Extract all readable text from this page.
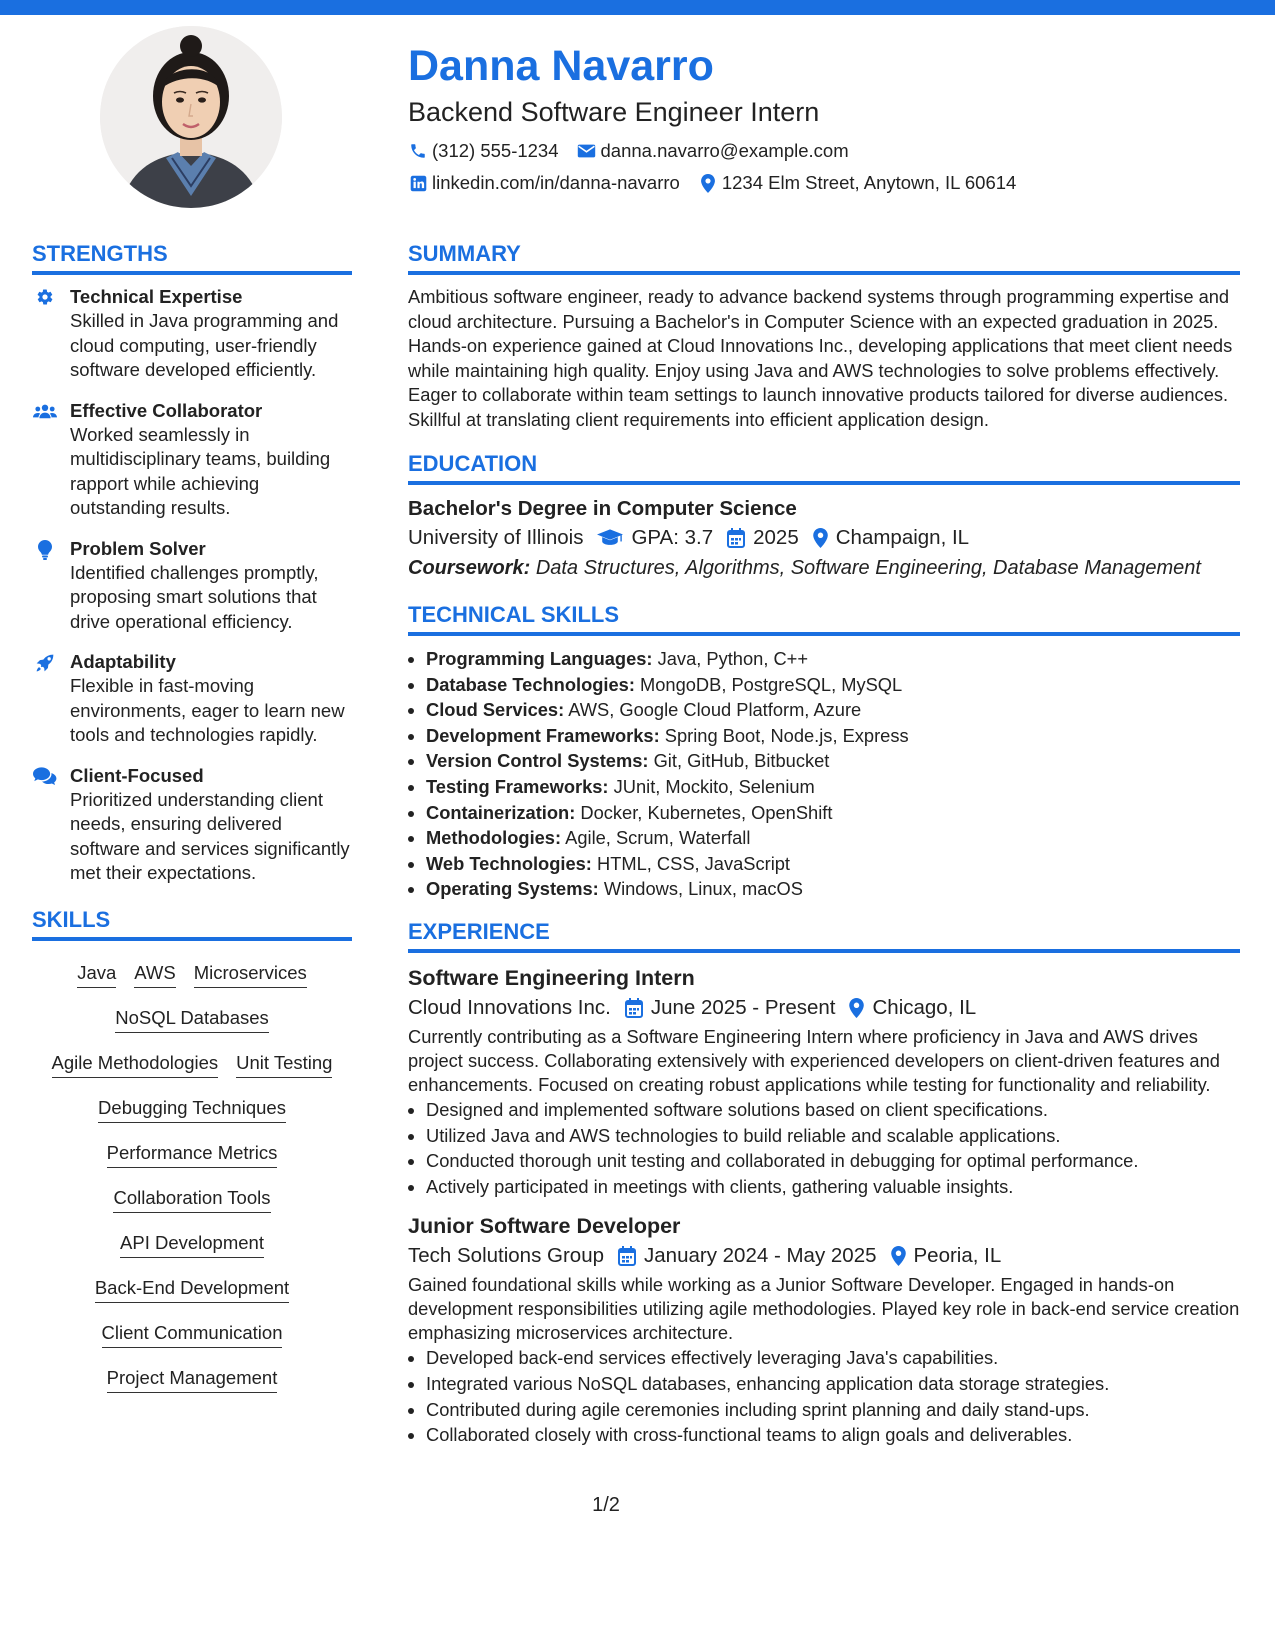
Danna Navarro
Backend Software Engineer Intern
(312) 555-1234 danna.navarro@example.com
linkedin.com/in/danna-navarro 1234 Elm Street, Anytown, IL 60614
STRENGTHS
Technical Expertise
Skilled in Java programming and cloud computing, user-friendly software developed efficiently.
Effective Collaborator
Worked seamlessly in multidisciplinary teams, building rapport while achieving outstanding results.
Problem Solver
Identified challenges promptly, proposing smart solutions that drive operational efficiency.
Adaptability
Flexible in fast-moving environments, eager to learn new tools and technologies rapidly.
Client-Focused
Prioritized understanding client needs, ensuring delivered software and services significantly met their expectations.
SKILLS
Java AWS Microservices
NoSQL Databases
Agile Methodologies Unit Testing
Debugging Techniques
Performance Metrics
Collaboration Tools
API Development
Back-End Development
Client Communication
Project Management
SUMMARY
Ambitious software engineer, ready to advance backend systems through programming expertise and cloud architecture. Pursuing a Bachelor's in Computer Science with an expected graduation in 2025. Hands-on experience gained at Cloud Innovations Inc., developing applications that meet client needs while maintaining high quality. Enjoy using Java and AWS technologies to solve problems effectively. Eager to collaborate within team settings to launch innovative products tailored for diverse audiences. Skillful at translating client requirements into efficient application design.
EDUCATION
Bachelor's Degree in Computer Science
University of Illinois GPA: 3.7 2025 Champaign, IL
Coursework: Data Structures, Algorithms, Software Engineering, Database Management
TECHNICAL SKILLS
• Programming Languages: Java, Python, C++
• Database Technologies: MongoDB, PostgreSQL, MySQL
• Cloud Services: AWS, Google Cloud Platform, Azure
• Development Frameworks: Spring Boot, Node.js, Express
• Version Control Systems: Git, GitHub, Bitbucket
• Testing Frameworks: JUnit, Mockito, Selenium
• Containerization: Docker, Kubernetes, OpenShift
• Methodologies: Agile, Scrum, Waterfall
• Web Technologies: HTML, CSS, JavaScript
• Operating Systems: Windows, Linux, macOS
EXPERIENCE
Software Engineering Intern
Cloud Innovations Inc. June 2025 - Present Chicago, IL
Currently contributing as a Software Engineering Intern where proficiency in Java and AWS drives project success. Collaborating extensively with experienced developers on client-driven features and enhancements. Focused on creating robust applications while testing for functionality and reliability.
• Designed and implemented software solutions based on client specifications.
• Utilized Java and AWS technologies to build reliable and scalable applications.
• Conducted thorough unit testing and collaborated in debugging for optimal performance.
• Actively participated in meetings with clients, gathering valuable insights.
Junior Software Developer
Tech Solutions Group January 2024 - May 2025 Peoria, IL
Gained foundational skills while working as a Junior Software Developer. Engaged in hands-on development responsibilities utilizing agile methodologies. Played key role in back-end service creation emphasizing microservices architecture.
• Developed back-end services effectively leveraging Java's capabilities.
• Integrated various NoSQL databases, enhancing application data storage strategies.
• Contributed during agile ceremonies including sprint planning and daily stand-ups.
• Collaborated closely with cross-functional teams to align goals and deliverables.
1/2
